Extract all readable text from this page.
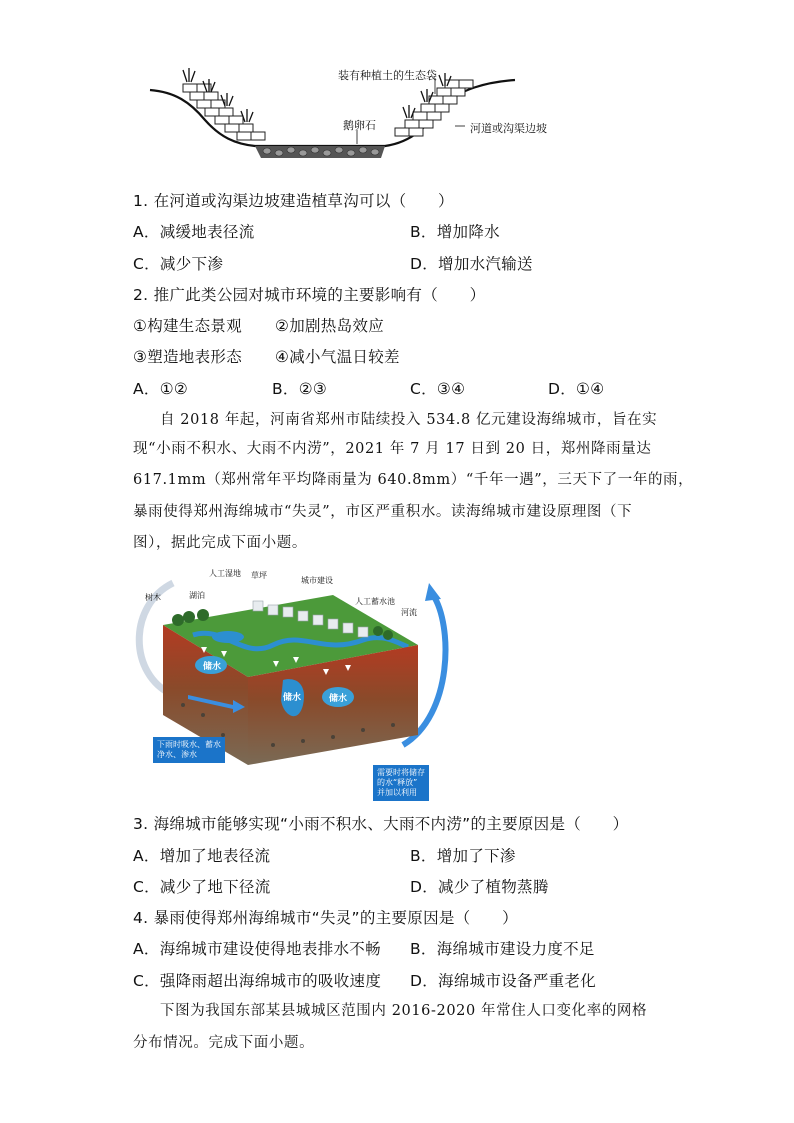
装有种植土的生态袋
鹅卵石	河道或沟渠边坡
1. 在河道或沟渠边坡建造植草沟可以（　　）
A．减缓地表径流	B．增加降水
C．减少下渗	D．增加水汽输送
2. 推广此类公园对城市环境的主要影响有（　　）
①构建生态景观 ②加剧热岛效应
③塑造地表形态 ④减小气温日较差
A．①②	B．②③	C．③④	D．①④
自 2018 年起，河南省郑州市陆续投入 534.8 亿元建设海绵城市，旨在实
现“小雨不积水、大雨不内涝”，2021 年 7 月 17 日到 20 日，郑州降雨量达
617.1mm（郑州常年平均降雨量为 640.8mm）“千年一遇”，三天下了一年的雨，
暴雨使得郑州海绵城市“失灵”，市区严重积水。读海绵城市建设原理图（下
图），据此完成下面小题。
人工湿地 草坪
城市建设
树木	湖泊
人工蓄水池
河流
储水
储水	储水
下雨时吸水、蓄水
净水、渗水
需要时将储存
的水“释放”
并加以利用
3. 海绵城市能够实现“小雨不积水、大雨不内涝”的主要原因是（　　）
A．增加了地表径流	B．增加了下渗
C．减少了地下径流	D．减少了植物蒸腾
4. 暴雨使得郑州海绵城市“失灵”的主要原因是（　　）
A．海绵城市建设使得地表排水不畅 B．海绵城市建设力度不足
C．强降雨超出海绵城市的吸收速度 D．海绵城市设备严重老化
下图为我国东部某县城城区范围内 2016-2020 年常住人口变化率的网格
分布情况。完成下面小题。
